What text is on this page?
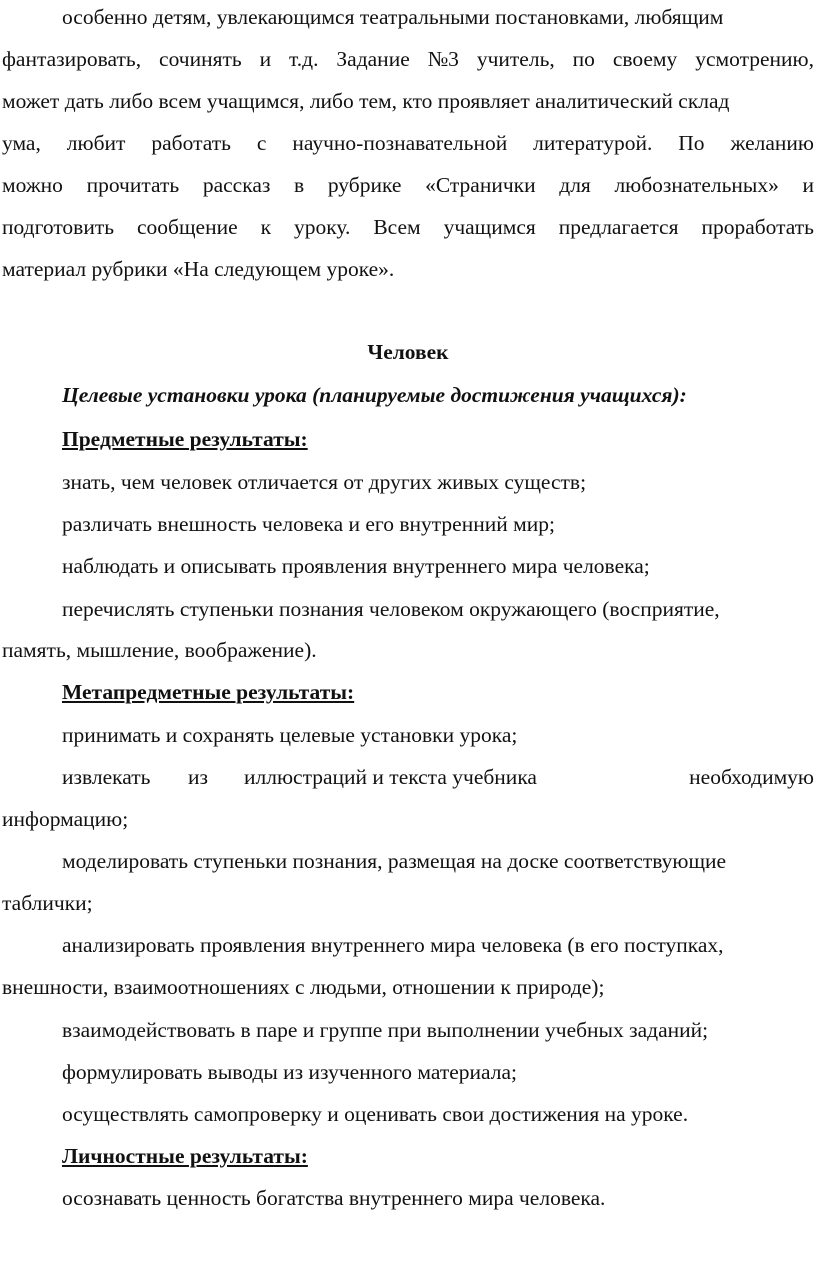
особенно детям, увлекающимся театральными постановками, любящим
фантазировать, сочинять и т.д. Задание №3 учитель, по своему усмотрению,
может дать либо всем учащимся, либо тем, кто проявляет аналитический склад
ума, любит работать с научно-познавательной литературой. По желанию
можно прочитать рассказ в рубрике «Странички для любознательных» и
подготовить сообщение к уроку. Всем учащимся предлагается проработать
материал рубрики «На следующем уроке».
Человек
Целевые установки урока (планируемые достижения учащихся):
Предметные результаты:
знать, чем человек отличается от других живых существ;
различать внешность человека и его внутренний мир;
наблюдать и описывать проявления внутреннего мира человека;
перечислять ступеньки познания человеком окружающего (восприятие,
память, мышление, воображение).
Метапредметные результаты:
принимать и сохранять целевые установки урока;
извлекать из иллюстраций и текста учебника	необходимую
информацию;
моделировать ступеньки познания, размещая на доске соответствующие
таблички;
анализировать проявления внутреннего мира человека (в его поступках,
внешности, взаимоотношениях с людьми, отношении к природе);
взаимодействовать в паре и группе при выполнении учебных заданий;
формулировать выводы из изученного материала;
осуществлять самопроверку и оценивать свои достижения на уроке.
Личностные результаты:
осознавать ценность богатства внутреннего мира человека.
